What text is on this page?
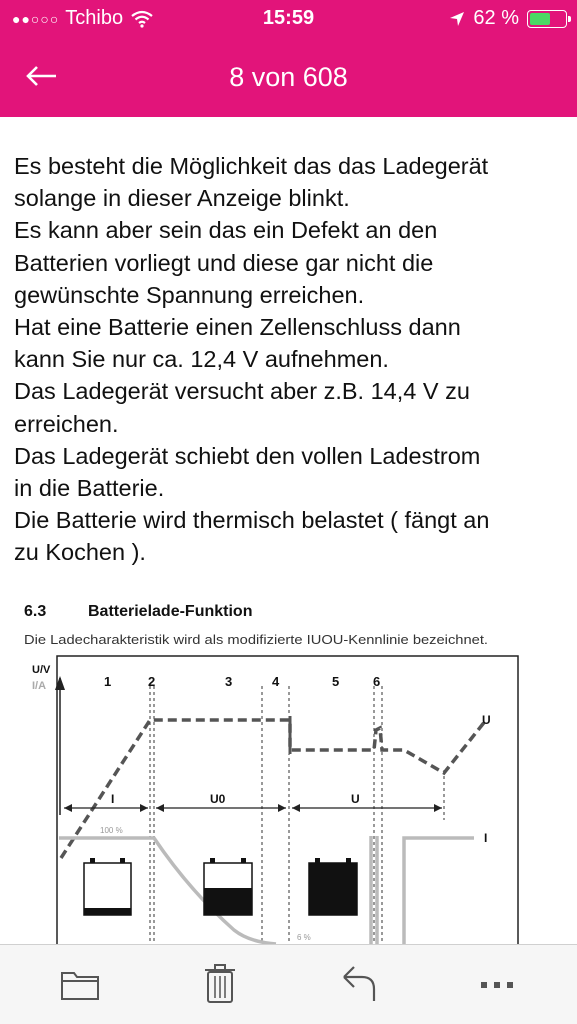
●●○○○ Tchibo	15:59	62 %
8 von 608
Es besteht die Möglichkeit das das Ladegerät
solange in dieser Anzeige blinkt.
Es kann aber sein das ein Defekt an den
Batterien vorliegt und diese gar nicht die
gewünschte Spannung erreichen.
Hat eine Batterie einen Zellenschluss dann
kann Sie nur ca. 12,4 V aufnehmen.
Das Ladegerät versucht aber z.B. 14,4 V zu
erreichen.
Das Ladegerät schiebt den vollen Ladestrom
in die Batterie.
Die Batterie wird thermisch belastet ( fängt an
zu Kochen ).
6.3	Batterielade-Funktion
Die Ladecharakteristik wird als modifizierte IUOU-Kennlinie bezeichnet.
U/V
I/A	1	2	3	4	5	6
I	U0	U
U
I
100 %
6 %
